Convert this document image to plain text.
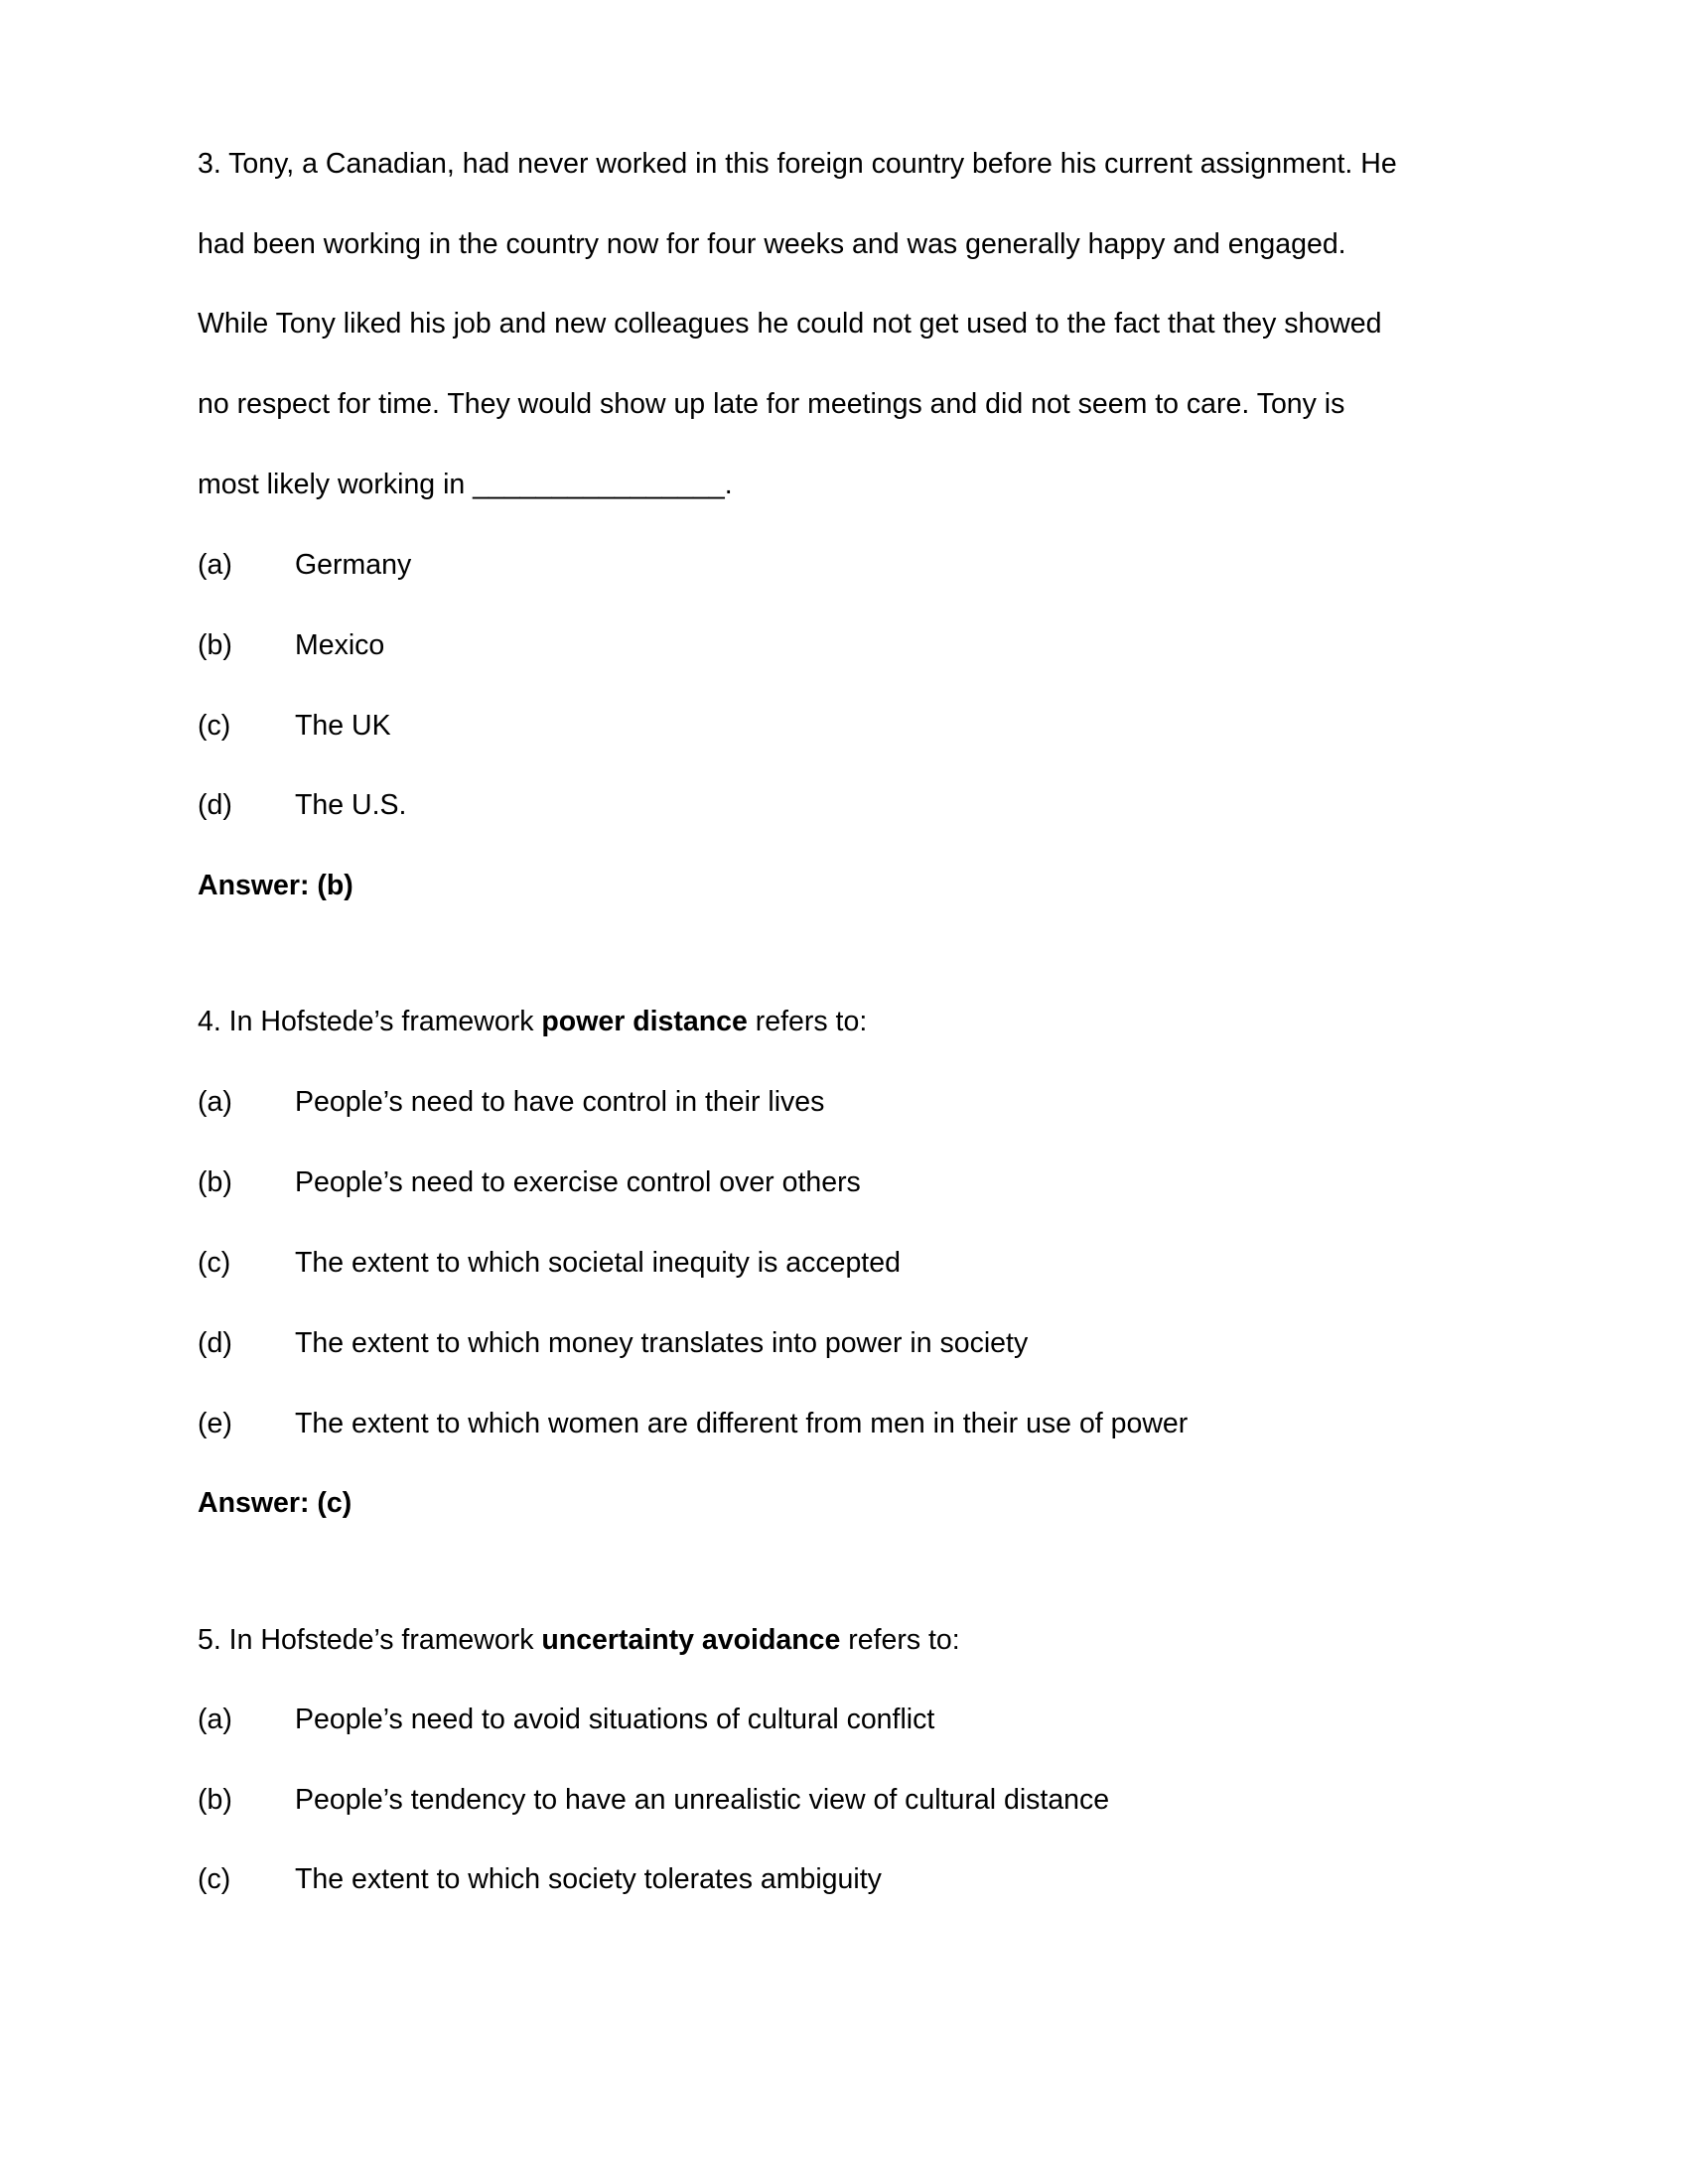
3. Tony, a Canadian, had never worked in this foreign country before his current assignment. He
had been working in the country now for four weeks and was generally happy and engaged.
While Tony liked his job and new colleagues he could not get used to the fact that they showed
no respect for time. They would show up late for meetings and did not seem to care. Tony is
most likely working in ________________.
(a) Germany
(b) Mexico
(c) The UK
(d) The U.S.
Answer: (b)
4. In Hofstede’s framework power distance refers to:
(a) People’s need to have control in their lives
(b) People’s need to exercise control over others
(c) The extent to which societal inequity is accepted
(d) The extent to which money translates into power in society
(e) The extent to which women are different from men in their use of power
Answer: (c)
5. In Hofstede’s framework uncertainty avoidance refers to:
(a) People’s need to avoid situations of cultural conflict
(b) People’s tendency to have an unrealistic view of cultural distance
(c) The extent to which society tolerates ambiguity
